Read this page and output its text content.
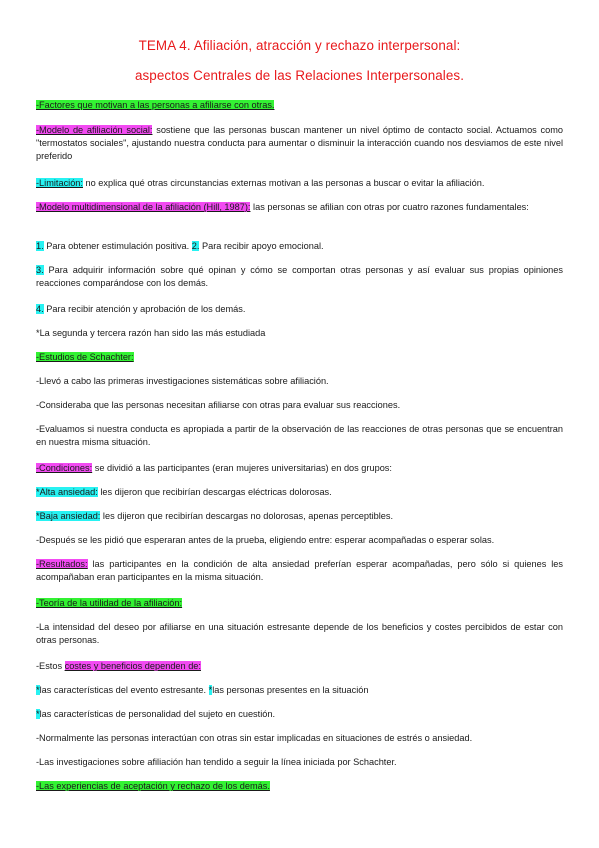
TEMA 4. Afiliación, atracción y rechazo interpersonal:
aspectos Centrales de las Relaciones Interpersonales.
-Factores que motivan a las personas a afiliarse con otras.
-Modelo de afiliación social: sostiene que las personas buscan mantener un nivel óptimo de contacto social. Actuamos como "termostatos sociales", ajustando nuestra conducta para aumentar o disminuir la interacción cuando nos desviamos de este nivel preferido
-Limitación: no explica qué otras circunstancias externas motivan a las personas a buscar o evitar la afiliación.
-Modelo multidimensional de la afiliación (Hill, 1987): las personas se afilian con otras por cuatro razones fundamentales:
1. Para obtener estimulación positiva. 2. Para recibir apoyo emocional.
3. Para adquirir información sobre qué opinan y cómo se comportan otras personas y así evaluar sus propias opiniones reacciones comparándose con los demás.
4. Para recibir atención y aprobación de los demás.
*La segunda y tercera razón han sido las más estudiada
-Estudios de Schachter:
-Llevó a cabo las primeras investigaciones sistemáticas sobre afiliación.
-Consideraba que las personas necesitan afiliarse con otras para evaluar sus reacciones.
-Evaluamos si nuestra conducta es apropiada a partir de la observación de las reacciones de otras personas que se encuentran en nuestra misma situación.
-Condiciones: se dividió a las participantes (eran mujeres universitarias) en dos grupos:
*Alta ansiedad: les dijeron que recibirían descargas eléctricas dolorosas.
*Baja ansiedad: les dijeron que recibirían descargas no dolorosas, apenas perceptibles.
-Después se les pidió que esperaran antes de la prueba, eligiendo entre: esperar acompañadas o esperar solas.
-Resultados: las participantes en la condición de alta ansiedad preferían esperar acompañadas, pero sólo si quienes les acompañaban eran participantes en la misma situación.
-Teoría de la utilidad de la afiliación:
-La intensidad del deseo por afiliarse en una situación estresante depende de los beneficios y costes percibidos de estar con otras personas.
-Estos costes y beneficios dependen de:
*las características del evento estresante. *las personas presentes en la situación
*las características de personalidad del sujeto en cuestión.
-Normalmente las personas interactúan con otras sin estar implicadas en situaciones de estrés o ansiedad.
-Las investigaciones sobre afiliación han tendido a seguir la línea iniciada por Schachter.
-Las experiencias de aceptación y rechazo de los demás.
